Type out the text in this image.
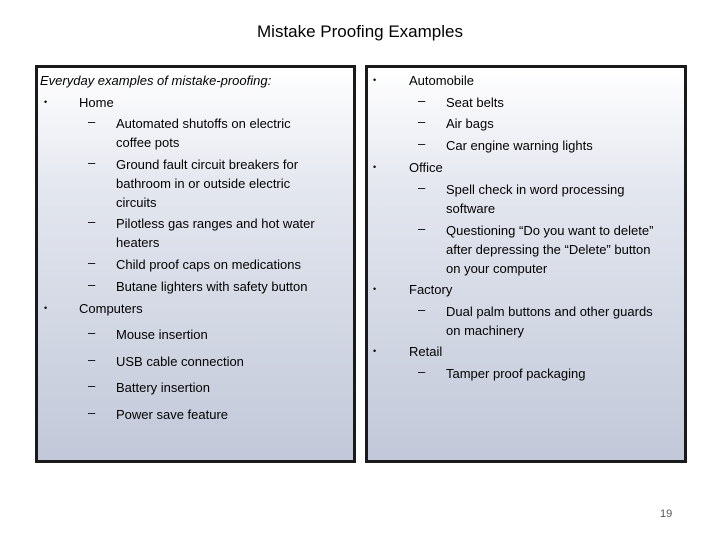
Mistake Proofing Examples
Everyday examples of mistake-proofing:
• Home
– Automated shutoffs on electric
coffee pots
– Ground fault circuit breakers for
bathroom in or outside electric
circuits
– Pilotless gas ranges and hot water
heaters
– Child proof caps on medications
– Butane lighters with safety button
• Computers
– Mouse insertion
– USB cable connection
– Battery insertion
– Power save feature
•	Automobile
– Seat belts
– Air bags
– Car engine warning lights
•	Office
– Spell check in word processing
software
– Questioning “Do you want to delete”
after depressing the “Delete” button
on your computer
•	Factory
– Dual palm buttons and other guards
on machinery
•	Retail
– Tamper proof packaging
19
